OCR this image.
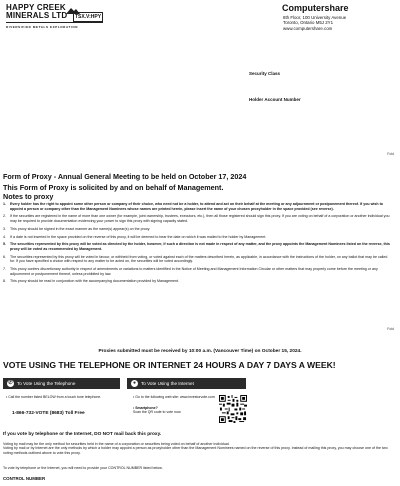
HAPPY CREEK
MINERALS LTD	TSX.V:HPY
DIVERSIFIED METALS EXPLORATION
Computershare
8th Floor, 100 University Avenue
Toronto, Ontario M5J 2Y1
www.computershare.com
Security Class
Holder Account Number
Fold
Fold
Form of Proxy - Annual General Meeting to be held on October 17, 2024
This Form of Proxy is solicited by and on behalf of Management.
Notes to proxy
1. Every holder has the right to appoint some other person or company of their choice, who need not be a holder, to attend and act on their behalf at the meeting or any adjournment or postponement thereof. If you wish to appoint a person or company other than the Management Nominees whose names are printed herein, please insert the name of your chosen proxyholder in the space provided (see reverse).
2. If the securities are registered in the name of more than one owner (for example, joint ownership, trustees, executors, etc.), then all those registered should sign this proxy. If you are voting on behalf of a corporation or another individual you may be required to provide documentation evidencing your power to sign this proxy with signing capacity stated.
3. This proxy should be signed in the exact manner as the name(s) appear(s) on the proxy.
4. If a date is not inserted in the space provided on the reverse of this proxy, it will be deemed to bear the date on which it was mailed to the holder by Management.
5. The securities represented by this proxy will be voted as directed by the holder, however, if such a direction is not made in respect of any matter, and the proxy appoints the Management Nominees listed on the reverse, this proxy will be voted as recommended by Management.
6. The securities represented by this proxy will be voted in favour, or withheld from voting, or voted against each of the matters described herein, as applicable, in accordance with the instructions of the holder, on any ballot that may be called for. If you have specified a choice with respect to any matter to be acted on, the securities will be voted accordingly.
7. This proxy confers discretionary authority in respect of amendments or variations to matters identified in the Notice of Meeting and Management Information Circular or other matters that may properly come before the meeting or any adjournment or postponement thereof, unless prohibited by law.
8. This proxy should be read in conjunction with the accompanying documentation provided by Management.
Proxies submitted must be received by 10:00 a.m. (Vancouver Time) on October 15, 2024.
VOTE USING THE TELEPHONE OR INTERNET 24 HOURS A DAY 7 DAYS A WEEK!
✆ To Vote Using the Telephone	●	To Vote Using the Internet
• Call the number listed BELOW from a touch tone telephone.
1-866-732-VOTE (8683) Toll Free
• Go to the following web site: www.investorvote.com
• Smartphone?
Scan the QR code to vote now.
If you vote by telephone or the Internet, DO NOT mail back this proxy.
Voting by mail may be the only method for securities held in the name of a corporation or securities being voted on behalf of another individual.
Voting by mail or by Internet are the only methods by which a holder may appoint a person as proxyholder other than the Management Nominees named on the reverse of this proxy. Instead of mailing this proxy, you may choose one of the two voting methods outlined above to vote this proxy.
To vote by telephone or the Internet, you will need to provide your CONTROL NUMBER listed below.
CONTROL NUMBER
